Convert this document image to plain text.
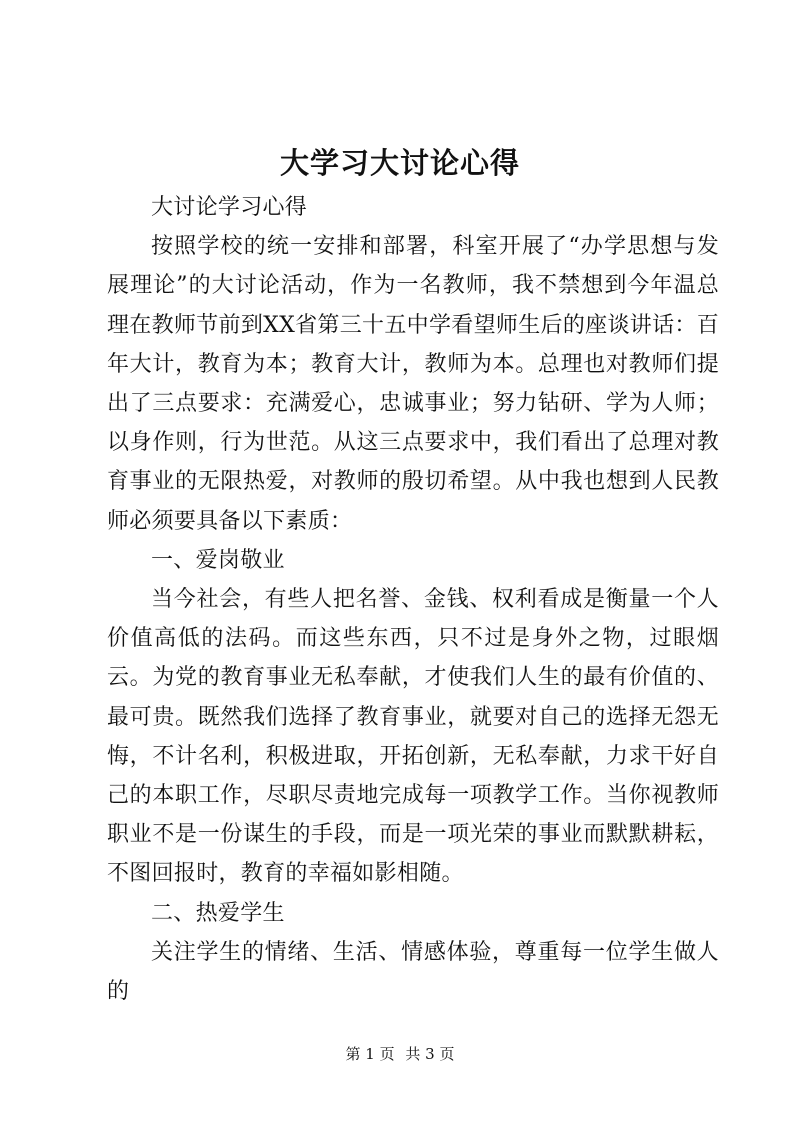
大学习大讨论心得

大讨论学习心得

按照学校的统一安排和部署，科室开展了“办学思想与发展理论”的大讨论活动，作为一名教师，我不禁想到今年温总理在教师节前到XX省第三十五中学看望师生后的座谈讲话：百年大计，教育为本；教育大计，教师为本。总理也对教师们提出了三点要求：充满爱心，忠诚事业；努力钻研、学为人师；以身作则，行为世范。从这三点要求中，我们看出了总理对教育事业的无限热爱，对教师的殷切希望。从中我也想到人民教师必须要具备以下素质：

一、爱岗敬业

当今社会，有些人把名誉、金钱、权利看成是衡量一个人价值高低的法码。而这些东西，只不过是身外之物，过眼烟云。为党的教育事业无私奉献，才使我们人生的最有价值的、最可贵。既然我们选择了教育事业，就要对自己的选择无怨无悔，不计名利，积极进取，开拓创新，无私奉献，力求干好自己的本职工作，尽职尽责地完成每一项教学工作。当你视教师职业不是一份谋生的手段，而是一项光荣的事业而默默耕耘，不图回报时，教育的幸福如影相随。

二、热爱学生

关注学生的情绪、生活、情感体验，尊重每一位学生做人的

第 1 页 共 3 页
